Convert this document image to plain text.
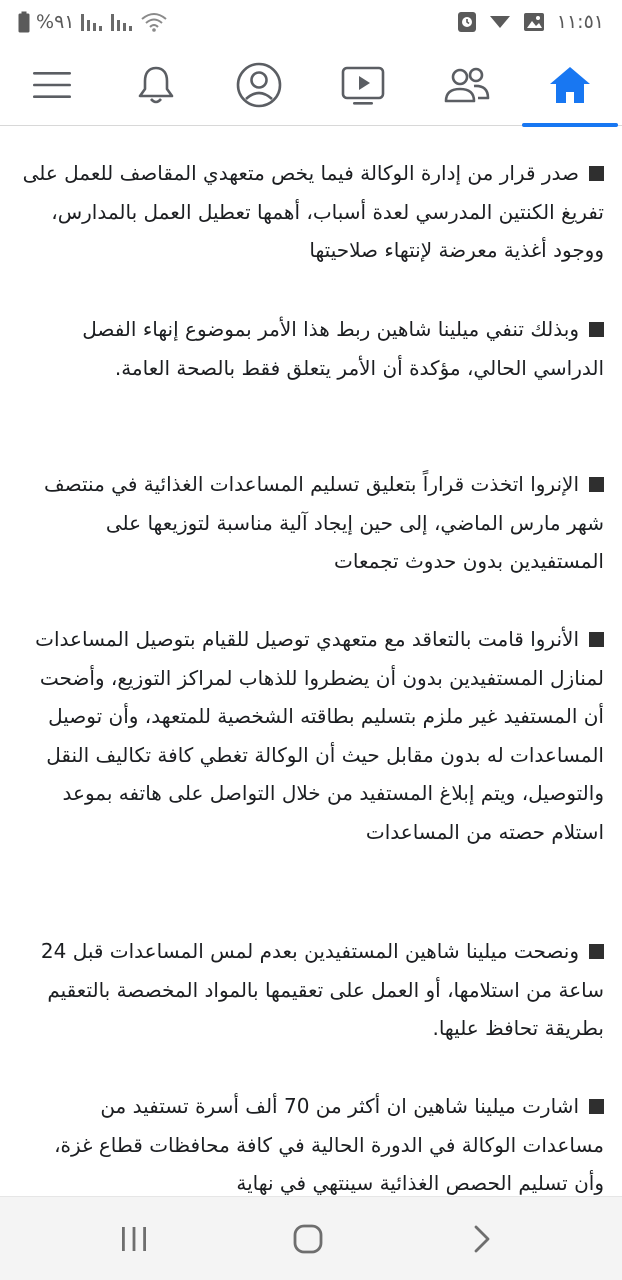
%٩١	١١:٥١

صدر قرار من إدارة الوكالة فيما يخص متعهدي المقاصف للعمل على تفريغ الكنتين المدرسي لعدة أسباب، أهمها تعطيل العمل بالمدارس، ووجود أغذية معرضة لإنتهاء صلاحيتها

وبذلك تنفي ميلينا شاهين ربط هذا الأمر بموضوع إنهاء الفصل الدراسي الحالي، مؤكدة أن الأمر يتعلق فقط بالصحة العامة.

الإنروا اتخذت قراراً بتعليق تسليم المساعدات الغذائية في منتصف شهر مارس الماضي، إلى حين إيجاد آلية مناسبة لتوزيعها على المستفيدين بدون حدوث تجمعات

الأنروا قامت بالتعاقد مع متعهدي توصيل للقيام بتوصيل المساعدات لمنازل المستفيدين بدون أن يضطروا للذهاب لمراكز التوزيع، وأضحت أن المستفيد غير ملزم بتسليم بطاقته الشخصية للمتعهد، وأن توصيل المساعدات له بدون مقابل حيث أن الوكالة تغطي كافة تكاليف النقل والتوصيل، ويتم إبلاغ المستفيد من خلال التواصل على هاتفه بموعد استلام حصته من المساعدات

ونصحت ميلينا شاهين المستفيدين بعدم لمس المساعدات قبل 24 ساعة من استلامها، أو العمل على تعقيمها بالمواد المخصصة بالتعقيم بطريقة تحافظ عليها.

اشارت ميلينا شاهين ان أكثر من 70 ألف أسرة تستفيد من مساعدات الوكالة في الدورة الحالية في كافة محافظات قطاع غزة، وأن تسليم الحصص الغذائية سينتهي في نهاية
